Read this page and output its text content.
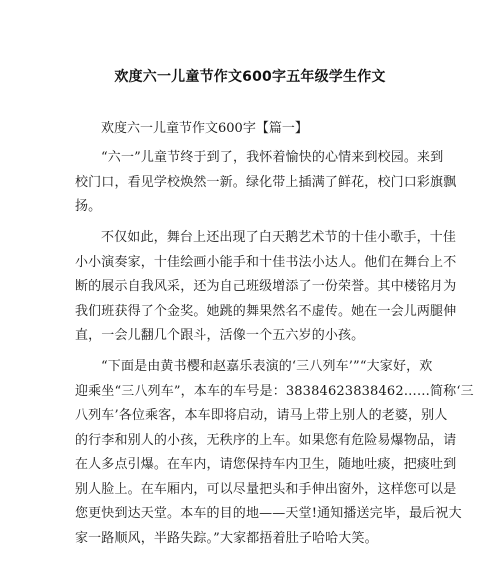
欢度六一儿童节作文600字五年级学生作文
欢度六一儿童节作文600字【篇一】

“六一”儿童节终于到了，我怀着愉快的心情来到校园。来到
校门口，看见学校焕然一新。绿化带上插满了鲜花，校门口彩旗飘
扬。

不仅如此，舞台上还出现了白天鹅艺术节的十佳小歌手，十佳
小小演奏家，十佳绘画小能手和十佳书法小达人。他们在舞台上不
断的展示自我风采，还为自己班级增添了一份荣誉。其中楼铭月为
我们班获得了个金奖。她跳的舞果然名不虚传。她在一会儿两腿伸
直，一会儿翻几个跟斗，活像一个五六岁的小孩。

“下面是由黄书樱和赵嘉乐表演的‘三八列车’”“大家好，欢
迎乘坐“三八列车”，本车的车号是：38384623838462……简称‘三
八列车’各位乘客，本车即将启动，请马上带上别人的老婆，别人
的行李和别人的小孩，无秩序的上车。如果您有危险易爆物品，请
在人多点引爆。在车内，请您保持车内卫生，随地吐痰，把痰吐到
别人脸上。在车厢内，可以尽量把头和手伸出窗外，这样您可以是
您更快到达天堂。本车的目的地——天堂!通知播送完毕，最后祝大
家一路顺风，半路失踪。”大家都捂着肚子哈哈大笑。
